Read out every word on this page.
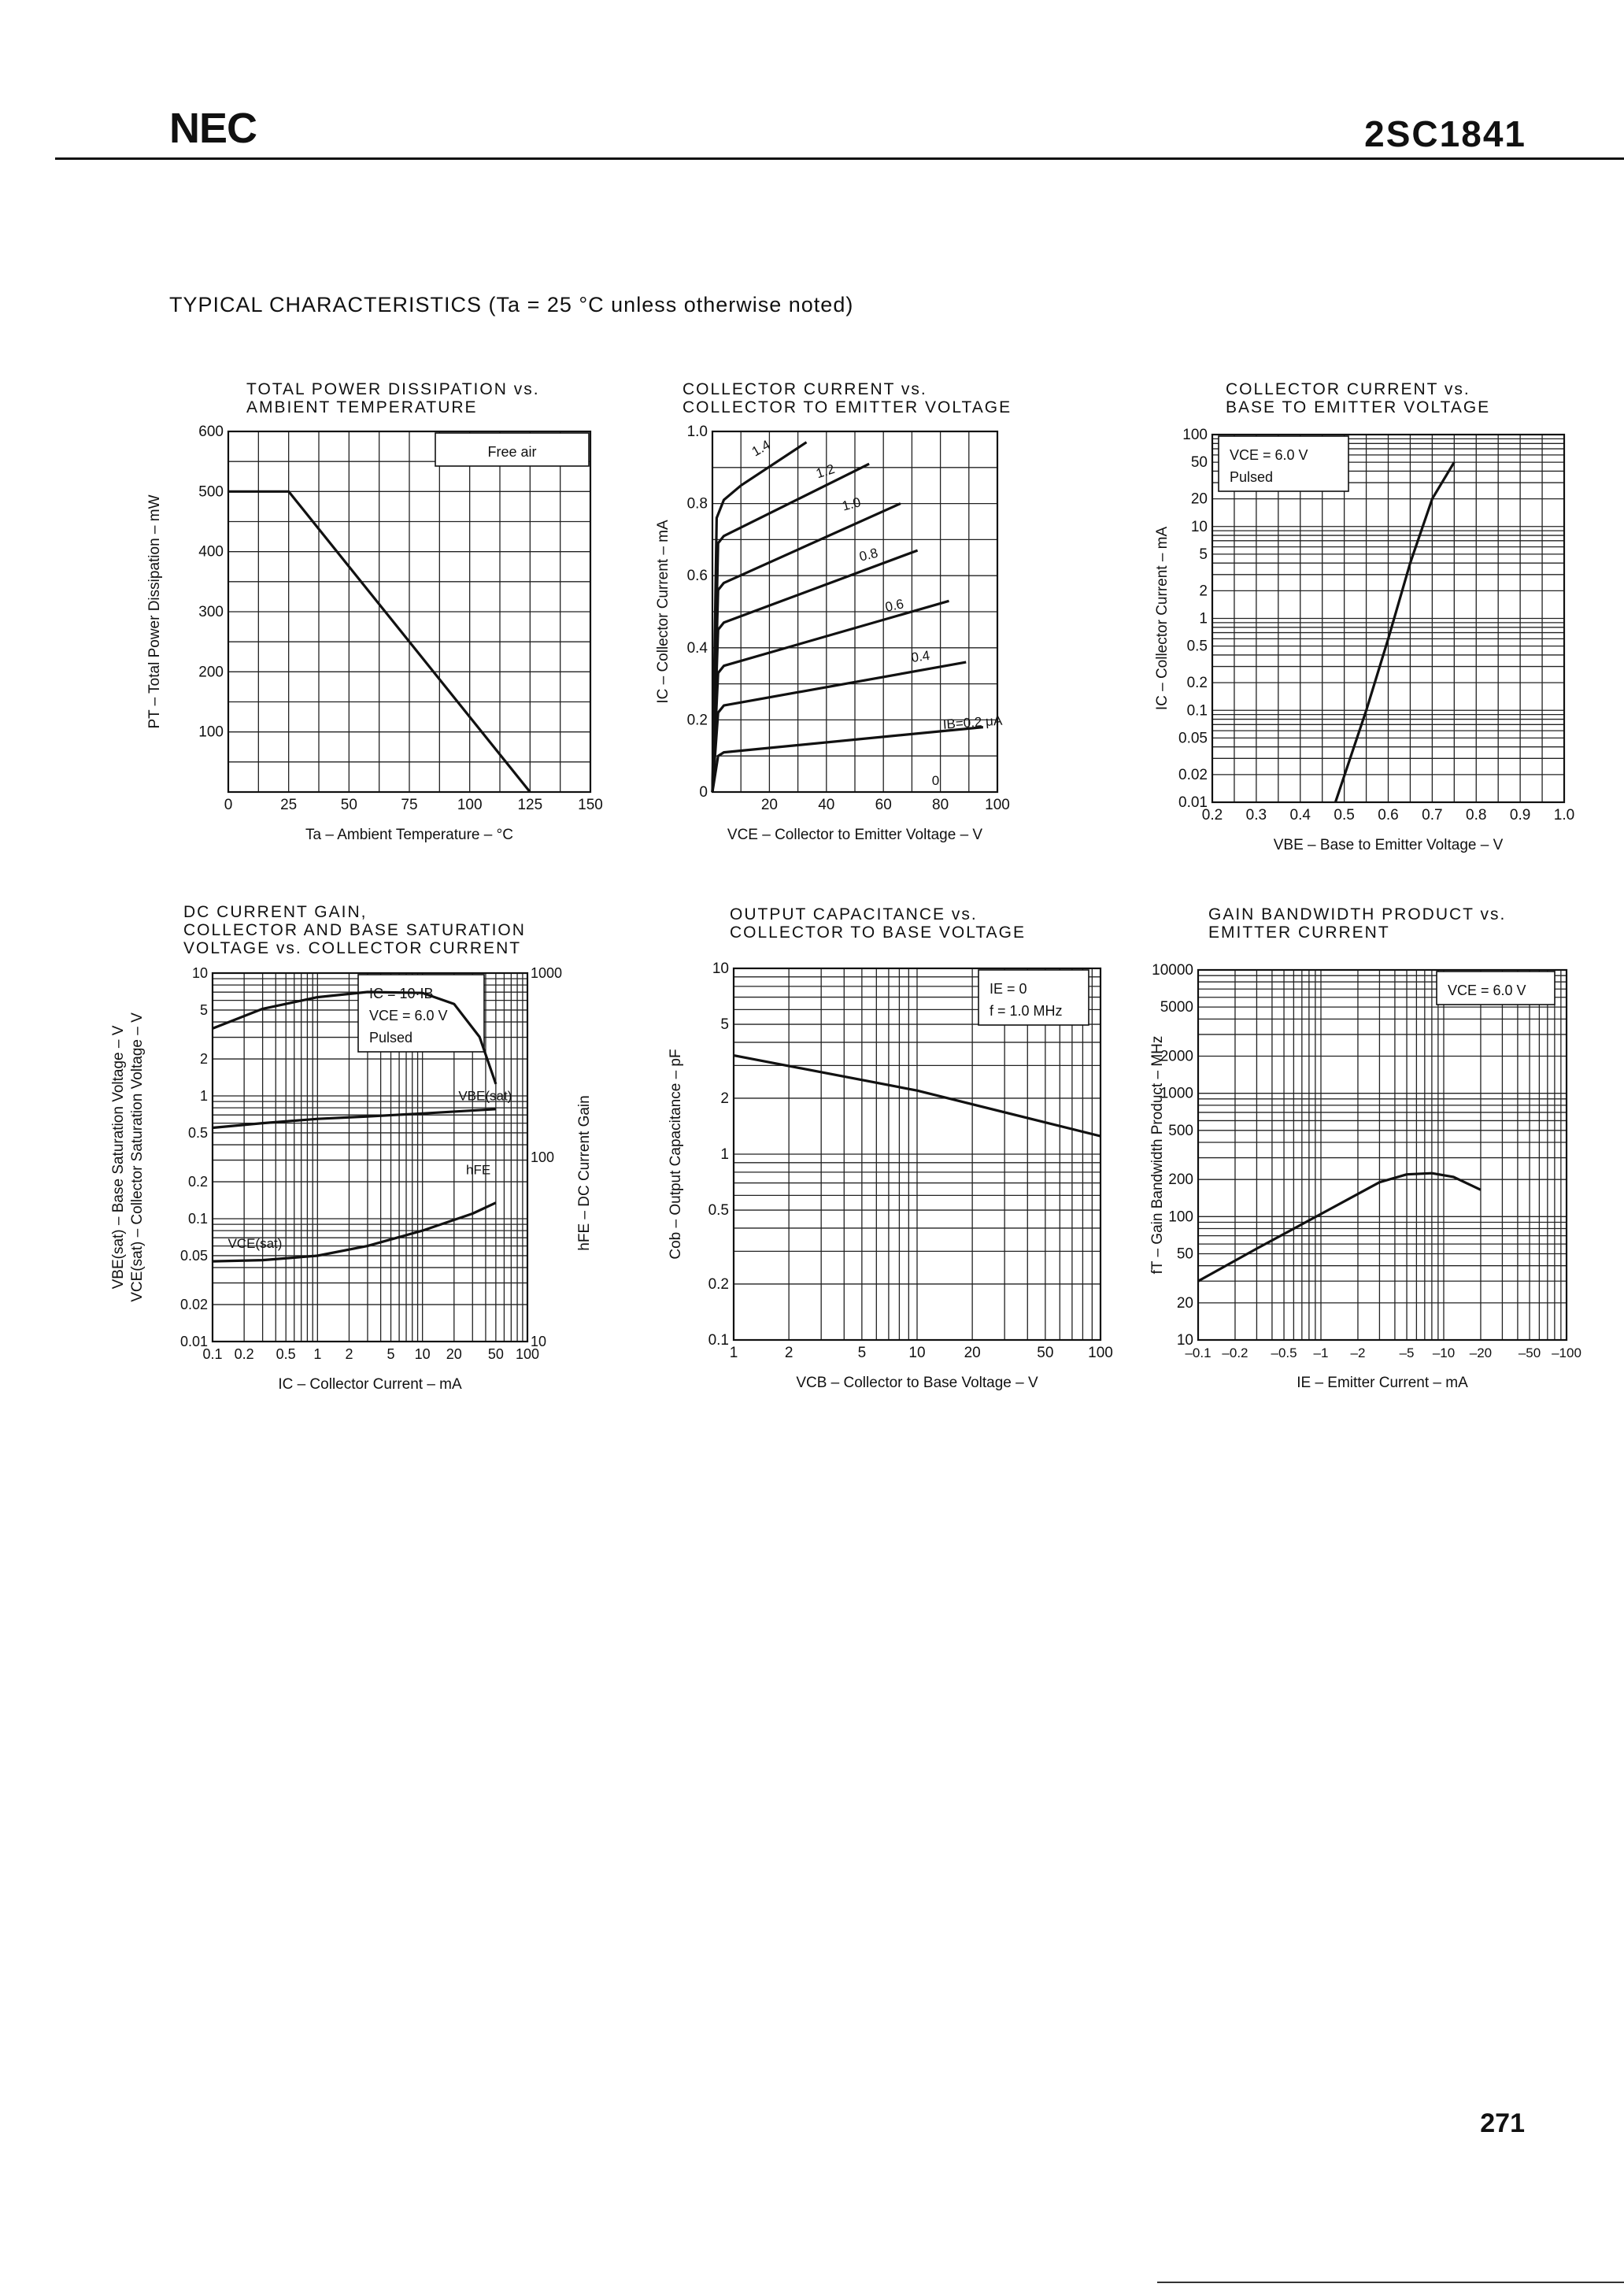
NEC	2SC1841
TYPICAL CHARACTERISTICS (Ta = 25 °C unless otherwise noted)
TOTAL POWER DISSIPATION vs.
AMBIENT TEMPERATURE
COLLECTOR CURRENT vs.
COLLECTOR TO EMITTER VOLTAGE
COLLECTOR CURRENT vs.
BASE TO EMITTER VOLTAGE
DC CURRENT GAIN,
COLLECTOR AND BASE SATURATION
VOLTAGE vs. COLLECTOR CURRENT
OUTPUT CAPACITANCE vs.
COLLECTOR TO BASE VOLTAGE
GAIN BANDWIDTH PRODUCT vs.
EMITTER CURRENT
0	25	50	75	100 125 150
100
200
300
400
500
600
Ta – Ambient Temperature – °C
PT – Total Power Dissipation – mW
Free air
20	40	60	80 100
0
0.2
0.4
0.6
0.8
1.0
VCE – Collector to Emitter Voltage – V
IC – Collector Current – mA
1.4
1.2
1.0
0.8
0.6
0.4
IB=0.2 μA
0
0.2 0.3 0.4 0.5 0.6 0.7 0.8 0.9 1.0
0.01
0.02
0.05
0.1
0.2
0.5
1
2
5
10
20
50
100
VBE – Base to Emitter Voltage – V
IC – Collector Current – mA
VCE = 6.0 V
Pulsed
0.1 0.2 0.5 1 2 5 10 20 50 100
0.01
0.02
0.05
0.1
0.2
0.5
1
2
5
10
IC – Collector Current – mA
VBE(sat) – Base Saturation Voltage – V VCE(sat) – Collector Saturation Voltage – V
10
100
1000
hFE – DC Current Gain
IC = 10·IB
VCE = 6.0 V
Pulsed
VBE(sat)
hFE
VCE(sat)
1	2	5	10	20	50 100
0.1
0.2
0.5
1
2
5
10
VCB – Collector to Base Voltage – V
Cob – Output Capacitance – pF
IE = 0
f = 1.0 MHz
–0.1 –0.2 –0.5 –1 –2	–5 –10 –20 –50 –100
10
20
50
100
200
500
1000
2000
5000
10000
IE – Emitter Current – mA
fT – Gain Bandwidth Product – MHz
VCE = 6.0 V
271
